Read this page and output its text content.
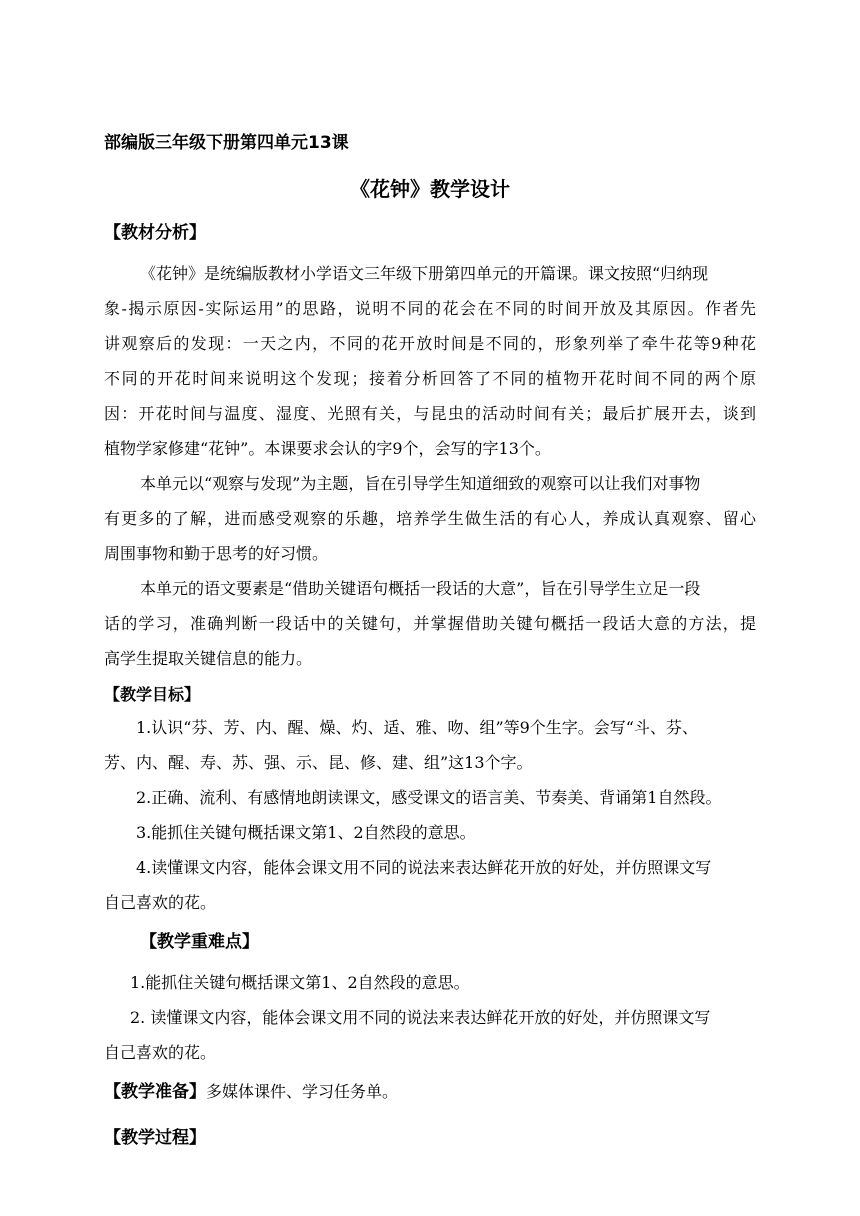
部编版三年级下册第四单元13课
《花钟》教学设计
【教材分析】
《花钟》是统编版教材小学语文三年级下册第四单元的开篇课。课文按照“归纳现
象-揭示原因-实际运用”的思路，说明不同的花会在不同的时间开放及其原因。作者先
讲观察后的发现：一天之内，不同的花开放时间是不同的，形象列举了牵牛花等9种花
不同的开花时间来说明这个发现；接着分析回答了不同的植物开花时间不同的两个原
因：开花时间与温度、湿度、光照有关，与昆虫的活动时间有关；最后扩展开去，谈到
植物学家修建“花钟”。本课要求会认的字9个，会写的字13个。
本单元以“观察与发现”为主题，旨在引导学生知道细致的观察可以让我们对事物
有更多的了解，进而感受观察的乐趣，培养学生做生活的有心人，养成认真观察、留心
周围事物和勤于思考的好习惯。
本单元的语文要素是“借助关键语句概括一段话的大意”，旨在引导学生立足一段
话的学习，准确判断一段话中的关键句，并掌握借助关键句概括一段话大意的方法，提
高学生提取关键信息的能力。
【教学目标】
1.认识“芬、芳、内、醒、燥、灼、适、雅、吻、组”等9个生字。会写“斗、芬、
芳、内、醒、寿、苏、强、示、昆、修、建、组”这13个字。
2.正确、流利、有感情地朗读课文，感受课文的语言美、节奏美、背诵第1自然段。
3.能抓住关键句概括课文第1、2自然段的意思。
4.读懂课文内容，能体会课文用不同的说法来表达鲜花开放的好处，并仿照课文写
自己喜欢的花。
【教学重难点】
1.能抓住关键句概括课文第1、2自然段的意思。
2. 读懂课文内容，能体会课文用不同的说法来表达鲜花开放的好处，并仿照课文写
自己喜欢的花。
【教学准备】多媒体课件、学习任务单。
【教学过程】
